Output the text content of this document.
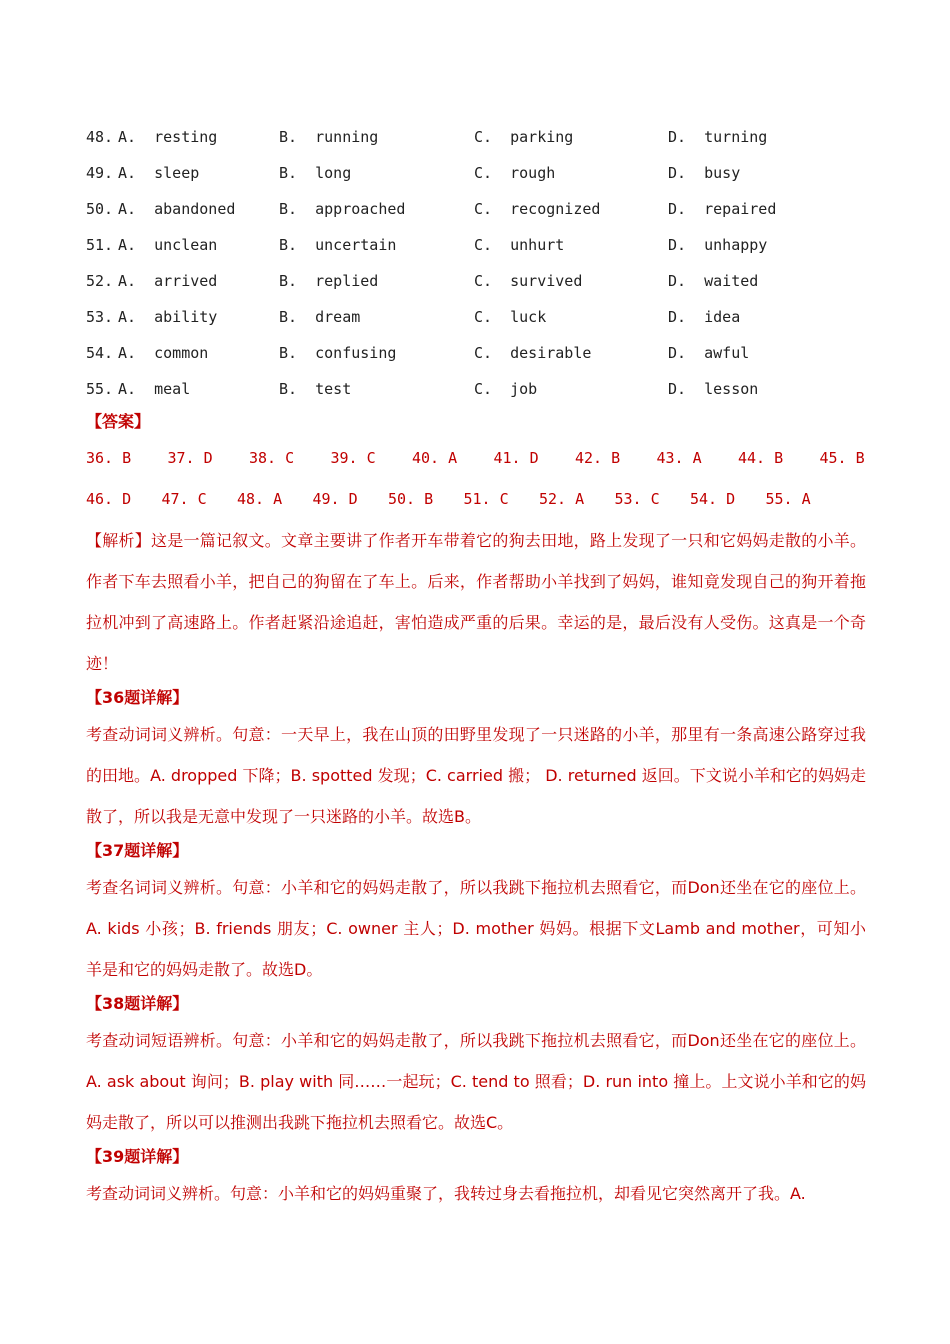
48. A.  resting	B.  running	C.  parking	D.  turning
49. A.  sleep	B.  long	C.  rough	D.  busy
50. A.  abandoned	B.  approached	C.  recognized	D.  repaired
51. A.  unclean	B.  uncertain	C.  unhurt	D.  unhappy
52. A.  arrived	B.  replied	C.  survived	D.  waited
53. A.  ability	B.  dream	C.  luck	D.  idea
54. A.  common	B.  confusing	C.  desirable	D.  awful
55. A.  meal	B.  test	C.  job	D.  lesson
【答案】
36. B 37. D 38. C 39. C 40. A 41. D 42. B 43. A 44. B 45. B
46. D 47. C 48. A 49. D 50. B 51. C 52. A 53. C 54. D 55. A

【解析】这是一篇记叙文。文章主要讲了作者开车带着它的狗去田地，路上发现了一只和它妈妈走散的小羊。作者下车去照看小羊，把自己的狗留在了车上。后来，作者帮助小羊找到了妈妈，谁知竟发现自己的狗开着拖拉机冲到了高速路上。作者赶紧沿途追赶，害怕造成严重的后果。幸运的是，最后没有人受伤。这真是一个奇迹！

【36题详解】

考查动词词义辨析。句意：一天早上，我在山顶的田野里发现了一只迷路的小羊，那里有一条高速公路穿过我的田地。A. dropped 下降；B. spotted 发现；C. carried 搬； D. returned 返回。下文说小羊和它的妈妈走散了，所以我是无意中发现了一只迷路的小羊。故选B。

【37题详解】

考查名词词义辨析。句意：小羊和它的妈妈走散了，所以我跳下拖拉机去照看它，而Don还坐在它的座位上。A. kids 小孩；B. friends 朋友；C. owner 主人；D. mother 妈妈。根据下文Lamb and mother，可知小羊是和它的妈妈走散了。故选D。

【38题详解】

考查动词短语辨析。句意：小羊和它的妈妈走散了，所以我跳下拖拉机去照看它，而Don还坐在它的座位上。A. ask about 询问；B. play with 同……一起玩；C. tend to 照看；D. run into 撞上。上文说小羊和它的妈妈走散了，所以可以推测出我跳下拖拉机去照看它。故选C。

【39题详解】

考查动词词义辨析。句意：小羊和它的妈妈重聚了，我转过身去看拖拉机，却看见它突然离开了我。A.
